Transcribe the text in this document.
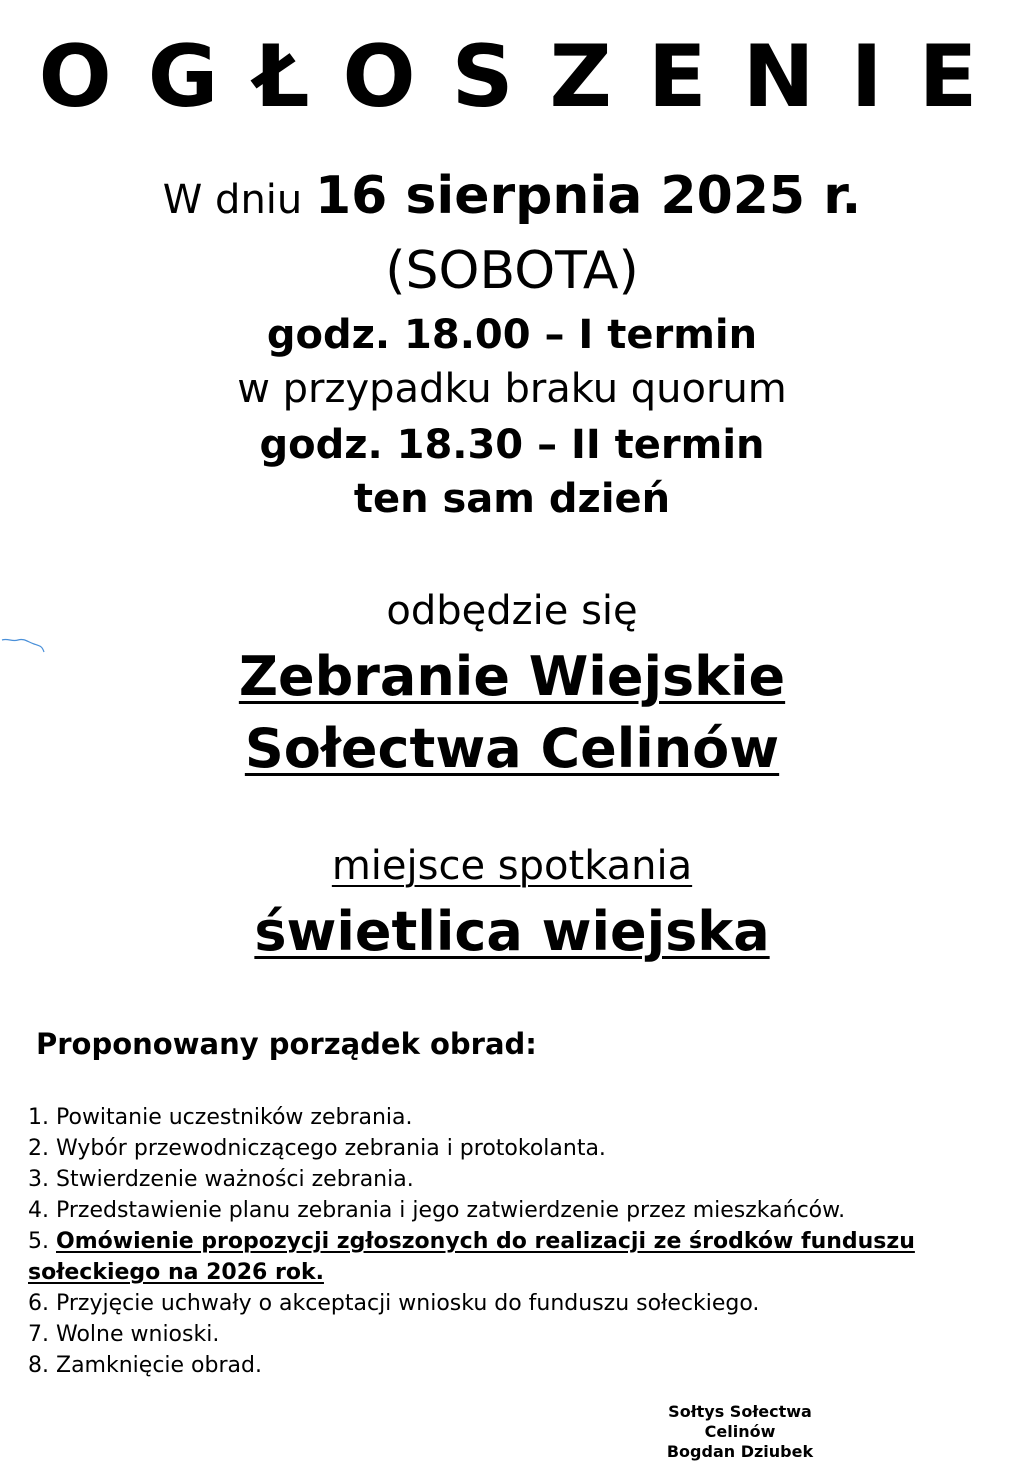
OGŁOSZENIE
W dniu 16 sierpnia 2025 r.
(SOBOTA)
godz. 18.00 – I termin
w przypadku braku quorum
godz. 18.30 – II termin
ten sam dzień
odbędzie się
Zebranie Wiejskie
Sołectwa Celinów
miejsce spotkania
świetlica wiejska
Proponowany porządek obrad:
1. Powitanie uczestników zebrania.
2. Wybór przewodniczącego zebrania i protokolanta.
3. Stwierdzenie ważności zebrania.
4. Przedstawienie planu zebrania i jego zatwierdzenie przez mieszkańców.
5. Omówienie propozycji zgłoszonych do realizacji ze środków funduszu sołeckiego na 2026 rok.
6. Przyjęcie uchwały o akceptacji wniosku do funduszu sołeckiego.
7. Wolne wnioski.
8. Zamknięcie obrad.
Sołtys Sołectwa
Celinów
Bogdan Dziubek
